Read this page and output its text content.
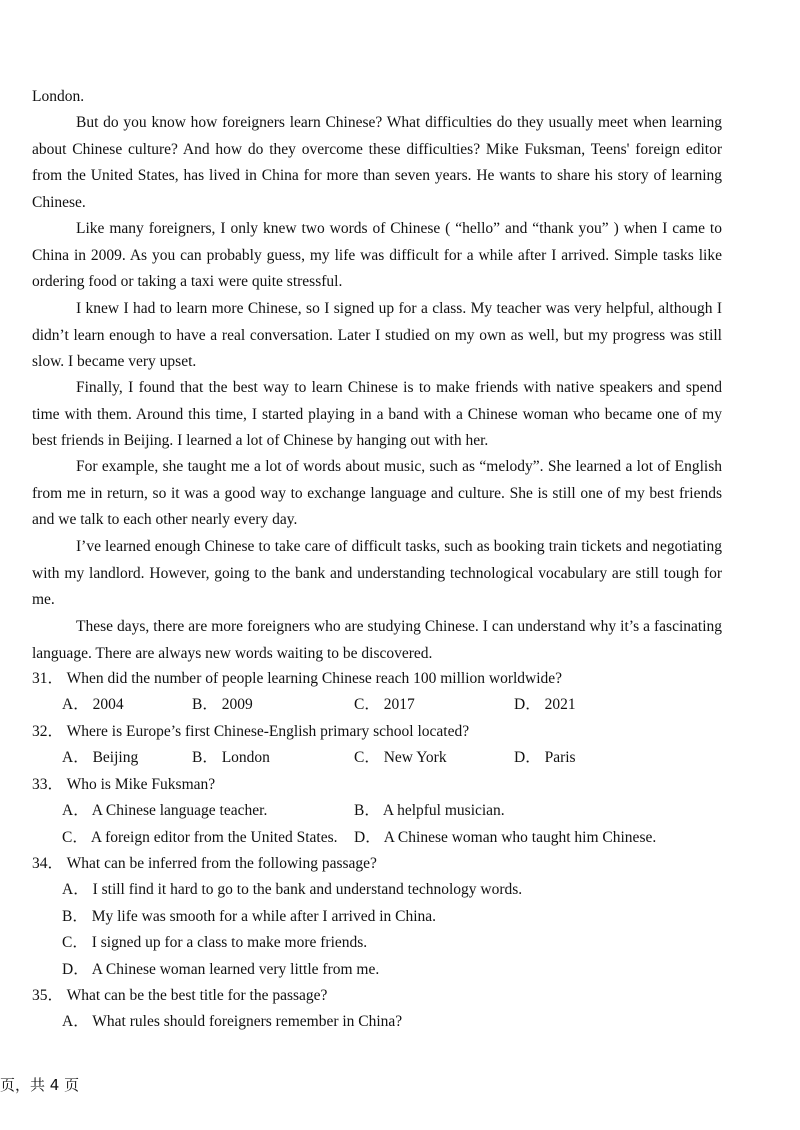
London.

But do you know how foreigners learn Chinese? What difficulties do they usually meet when learning about Chinese culture? And how do they overcome these difficulties? Mike Fuksman, Teens' foreign editor from the United States, has lived in China for more than seven years. He wants to share his story of learning Chinese.

Like many foreigners, I only knew two words of Chinese ( “hello” and “thank you” ) when I came to China in 2009. As you can probably guess, my life was difficult for a while after I arrived. Simple tasks like ordering food or taking a taxi were quite stressful.

I knew I had to learn more Chinese, so I signed up for a class. My teacher was very helpful, although I didn’t learn enough to have a real conversation. Later I studied on my own as well, but my progress was still slow. I became very upset.

Finally, I found that the best way to learn Chinese is to make friends with native speakers and spend time with them. Around this time, I started playing in a band with a Chinese woman who became one of my best friends in Beijing. I learned a lot of Chinese by hanging out with her.

For example, she taught me a lot of words about music, such as “melody”. She learned a lot of English from me in return, so it was a good way to exchange language and culture. She is still one of my best friends and we talk to each other nearly every day.

I’ve learned enough Chinese to take care of difficult tasks, such as booking train tickets and negotiating with my landlord. However, going to the bank and understanding technological vocabulary are still tough for me.

These days, there are more foreigners who are studying Chinese. I can understand why it’s a fascinating language. There are always new words waiting to be discovered.

31． When did the number of people learning Chinese reach 100 million worldwide?
A． 2004	B． 2009	C． 2017	D． 2021
32． Where is Europe’s first Chinese-English primary school located?
A． Beijing	B． London	C． New York	D． Paris
33． Who is Mike Fuksman?
A． A Chinese language teacher.	B． A helpful musician.
C． A foreign editor from the United States. D． A Chinese woman who taught him Chinese.
34． What can be inferred from the following passage?
A． I still find it hard to go to the bank and understand technology words.
B． My life was smooth for a while after I arrived in China.
C． I signed up for a class to make more friends.
D． A Chinese woman learned very little from me.
35． What can be the best title for the passage?
A． What rules should foreigners remember in China?
页，共 4 页
